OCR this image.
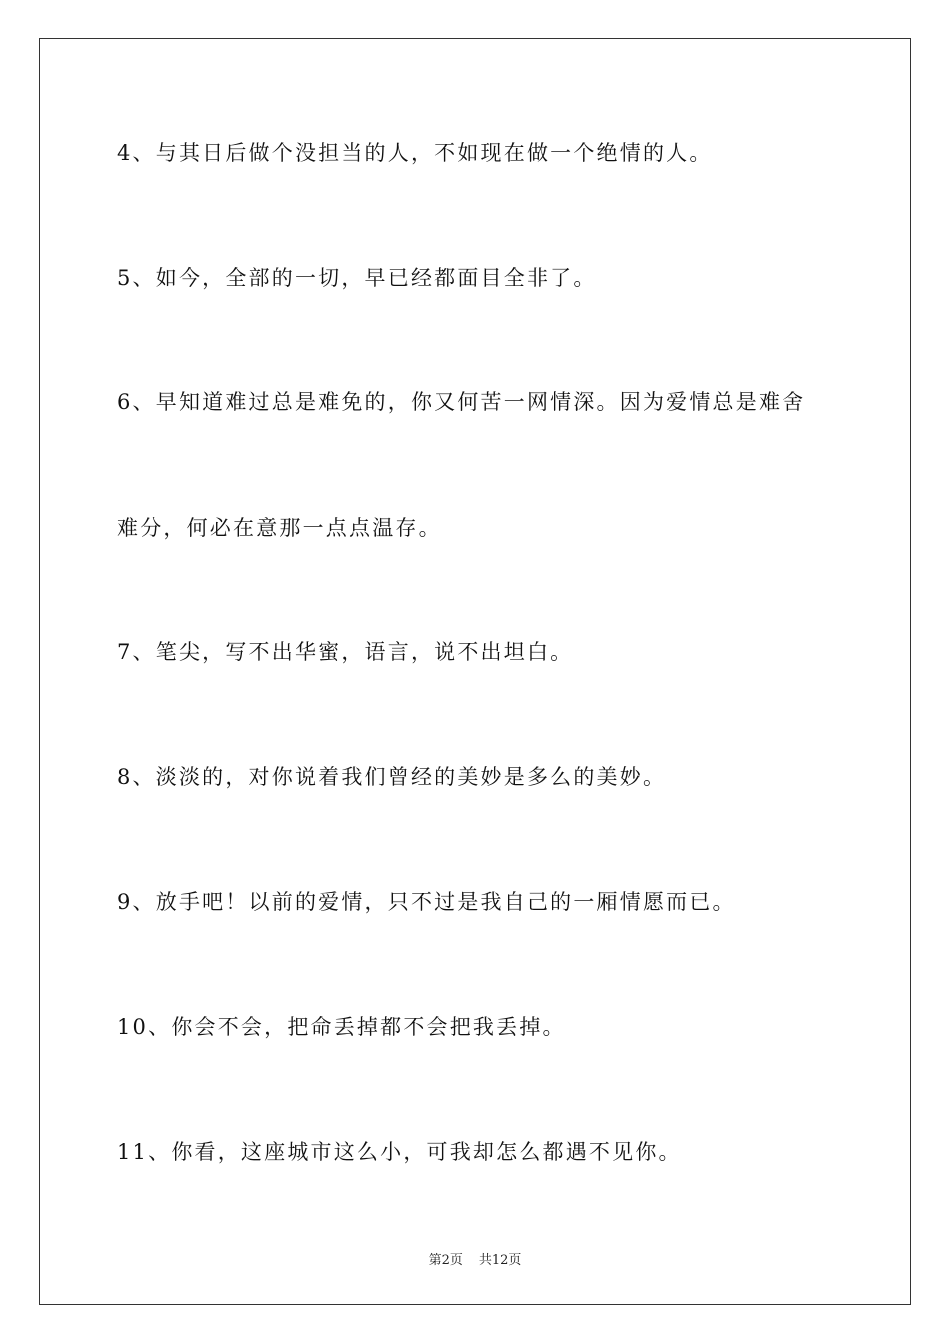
4、与其日后做个没担当的人，不如现在做一个绝情的人。

5、如今，全部的一切，早已经都面目全非了。

6、早知道难过总是难免的，你又何苦一网情深。因为爱情总是难舍

难分，何必在意那一点点温存。

7、笔尖，写不出华蜜，语言，说不出坦白。

8、淡淡的，对你说着我们曾经的美妙是多么的美妙。

9、放手吧！以前的爱情，只不过是我自己的一厢情愿而已。

10、你会不会，把命丢掉都不会把我丢掉。

11、你看，这座城市这么小，可我却怎么都遇不见你。

第2页 共12页
